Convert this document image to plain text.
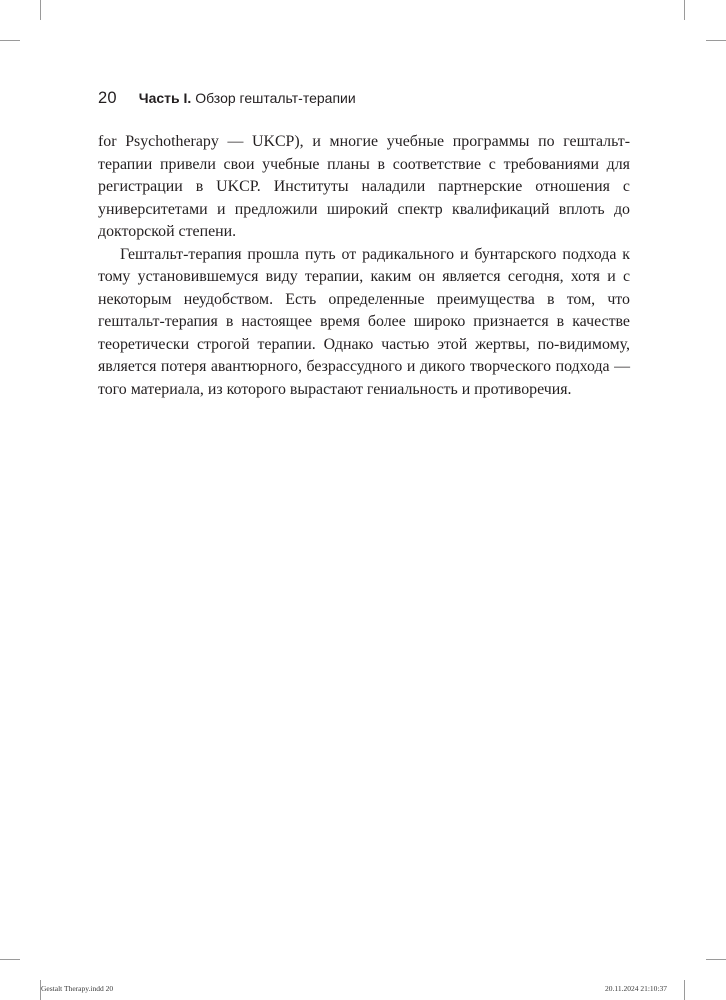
20 Часть I. Обзор гештальт-терапии

for Psychotherapy — UKCP), и многие учебные программы по гештальт-терапии привели свои учебные планы в соответствие с требованиями для регистрации в UKCP. Институты наладили партнерские отношения с университетами и предложили широкий спектр квалификаций вплоть до докторской степени.

Гештальт-терапия прошла путь от радикального и бунтарского подхода к тому установившемуся виду терапии, каким он является сегодня, хотя и с некоторым неудобством. Есть определенные преимущества в том, что гештальт-терапия в настоящее время более широко признается в качестве теоретически строгой терапии. Однако частью этой жертвы, по-видимому, является потеря авантюрного, безрассудного и дикого творческого подхода — того материала, из которого вырастают гениальность и противоречия.

Gestalt Therapy.indd 20	20.11.2024 21:10:37
